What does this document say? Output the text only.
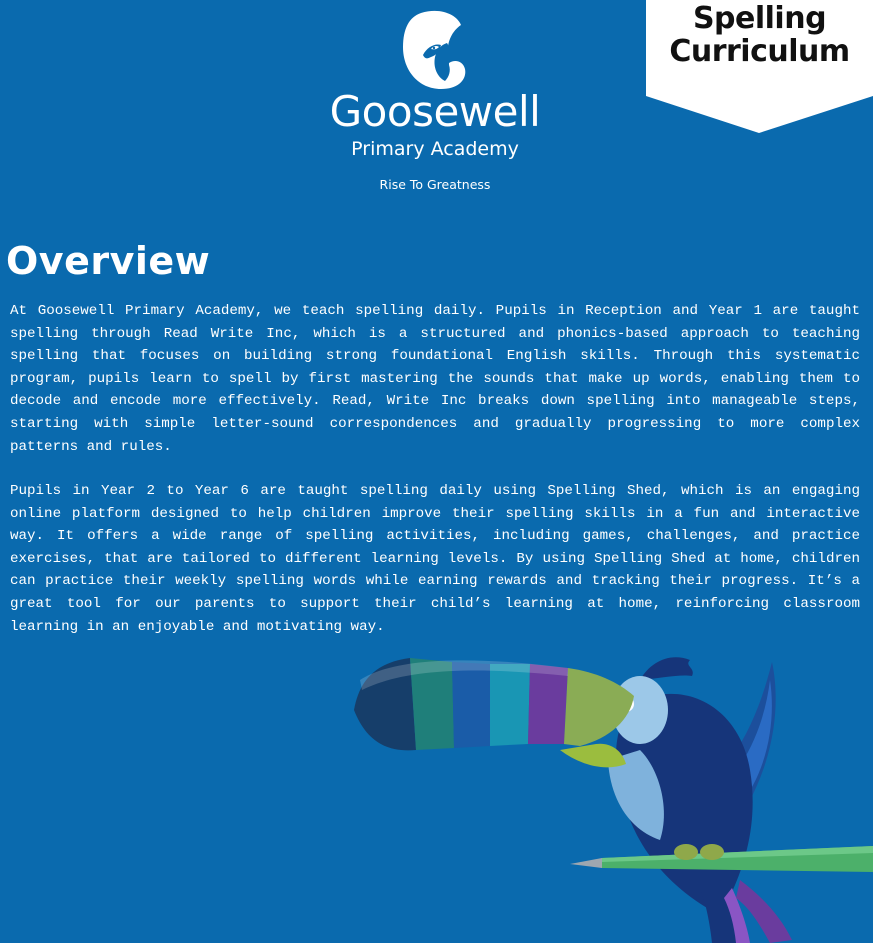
Goosewell
Primary Academy
Rise To Greatness
Spelling
Curriculum
Overview

At Goosewell Primary Academy, we teach spelling daily. Pupils in Reception and Year 1 are taught spelling through Read Write Inc, which is a structured and phonics-based approach to teaching spelling that focuses on building strong foundational English skills. Through this systematic program, pupils learn to spell by first mastering the sounds that make up words, enabling them to decode and encode more effectively. Read, Write Inc breaks down spelling into manageable steps, starting with simple letter-sound correspondences and gradually progressing to more complex patterns and rules.

Pupils in Year 2 to Year 6 are taught spelling daily using Spelling Shed, which is an engaging online platform designed to help children improve their spelling skills in a fun and interactive way. It offers a wide range of spelling activities, including games, challenges, and practice exercises, that are tailored to different learning levels. By using Spelling Shed at home, children can practice their weekly spelling words while earning rewards and tracking their progress. It’s a great tool for our parents to support their child’s learning at home, reinforcing classroom learning in an enjoyable and motivating way.
